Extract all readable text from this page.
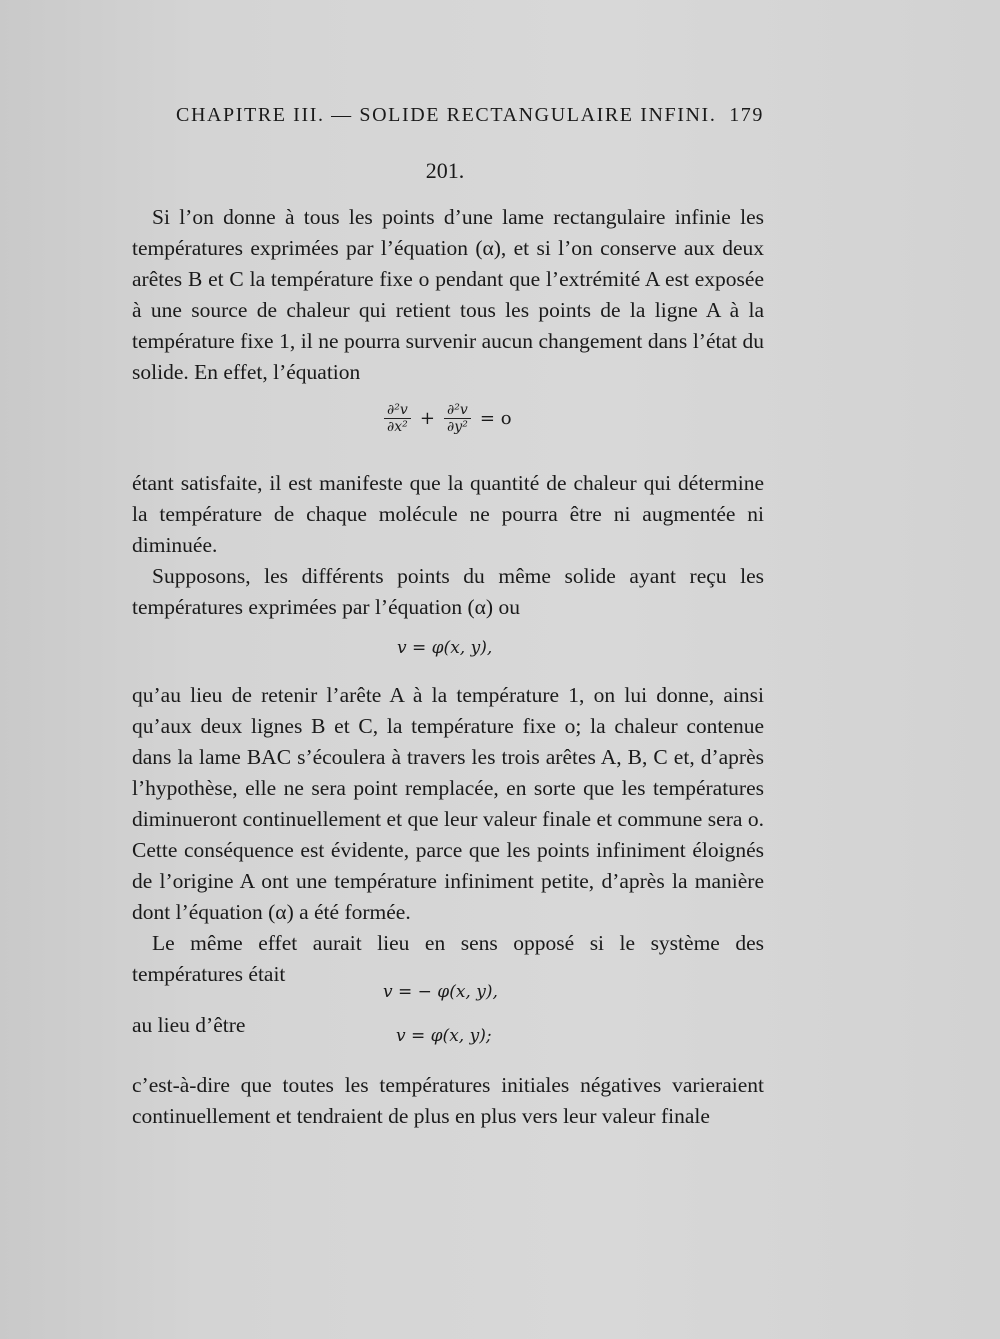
CHAPITRE III. — SOLIDE RECTANGULAIRE INFINI. 179
201.

Si l’on donne à tous les points d’une lame rectangulaire infinie les températures exprimées par l’équation (α), et si l’on conserve aux deux arêtes B et C la température fixe o pendant que l’extrémité A est exposée à une source de chaleur qui retient tous les points de la ligne A à la température fixe 1, il ne pourra survenir aucun changement dans l’état du solide. En effet, l’équation

$\frac{\text{∂²v}}{\text{∂x²}} + \frac{\text{∂²v}}{\text{∂y²}} = o$

étant satisfaite, il est manifeste que la quantité de chaleur qui détermine la température de chaque molécule ne pourra être ni augmentée ni diminuée.

Supposons, les différents points du même solide ayant reçu les températures exprimées par l’équation (α) ou

v = φ(x, y),

qu’au lieu de retenir l’arête A à la température 1, on lui donne, ainsi qu’aux deux lignes B et C, la température fixe o; la chaleur contenue dans la lame BAC s’écoulera à travers les trois arêtes A, B, C et, d’après l’hypothèse, elle ne sera point remplacée, en sorte que les températures diminueront continuellement et que leur valeur finale et commune sera o. Cette conséquence est évidente, parce que les points infiniment éloignés de l’origine A ont une température infiniment petite, d’après la manière dont l’équation (α) a été formée.

Le même effet aurait lieu en sens opposé si le système des températures était

v = − φ(x, y),

au lieu d’être	v = φ(x, y);

c’est-à-dire que toutes les températures initiales négatives varieraient continuellement et tendraient de plus en plus vers leur valeur finale
